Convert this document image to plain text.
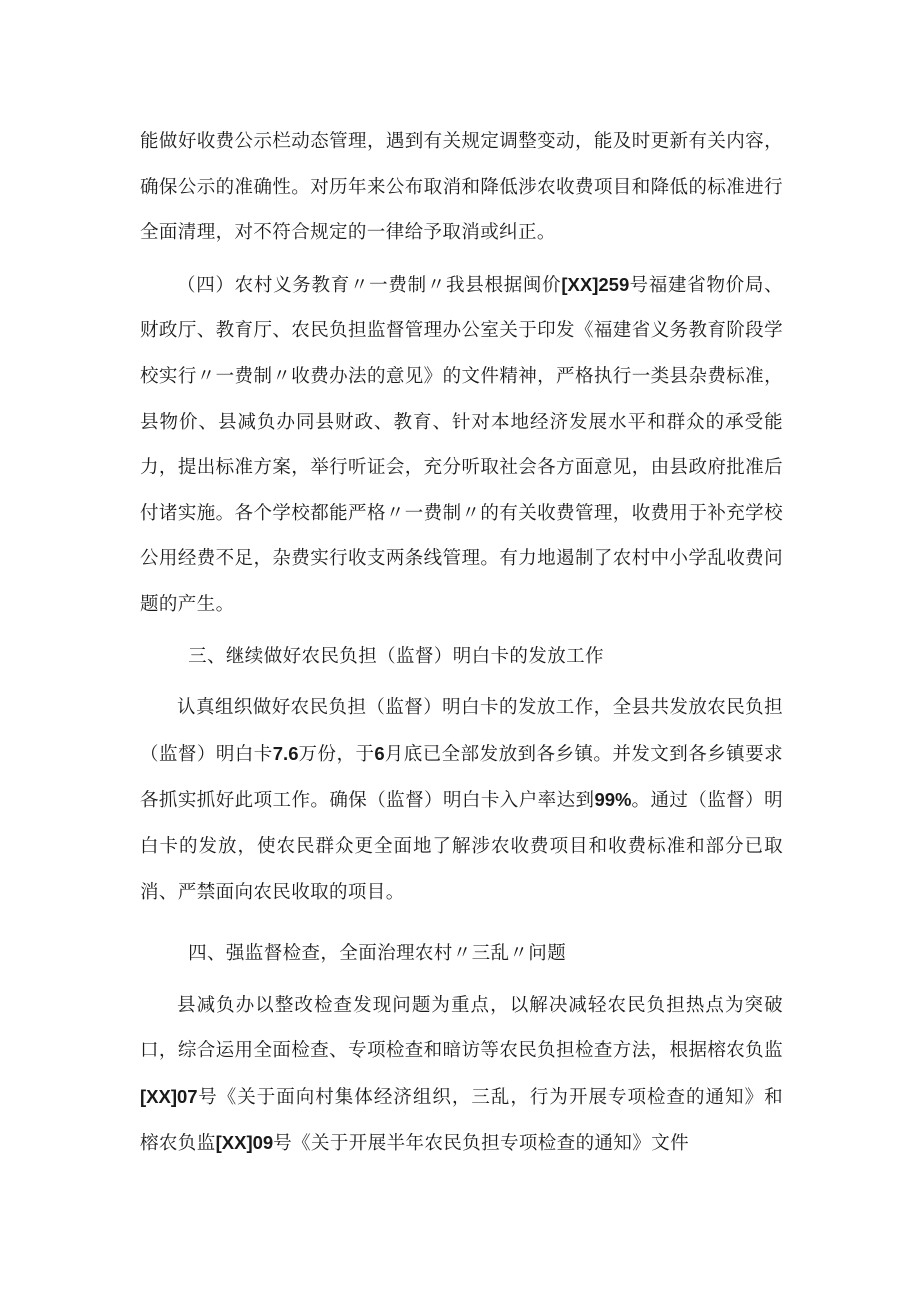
能做好收费公示栏动态管理，遇到有关规定调整变动，能及时更新有关内容，确保公示的准确性。对历年来公布取消和降低涉农收费项目和降低的标准进行全面清理，对不符合规定的一律给予取消或纠正。

（四）农村义务教育〃一费制〃我县根据闽价[XX]259号福建省物价局、财政厅、教育厅、农民负担监督管理办公室关于印发《福建省义务教育阶段学校实行〃一费制〃收费办法的意见》的文件精神，严格执行一类县杂费标准，县物价、县减负办同县财政、教育、针对本地经济发展水平和群众的承受能力，提出标准方案，举行听证会，充分听取社会各方面意见，由县政府批准后付诸实施。各个学校都能严格〃一费制〃的有关收费管理，收费用于补充学校公用经费不足，杂费实行收支两条线管理。有力地遏制了农村中小学乱收费问题的产生。

三、继续做好农民负担（监督）明白卡的发放工作

认真组织做好农民负担（监督）明白卡的发放工作，全县共发放农民负担（监督）明白卡7.6万份，于6月底已全部发放到各乡镇。并发文到各乡镇要求各抓实抓好此项工作。确保（监督）明白卡入户率达到99%。通过（监督）明白卡的发放，使农民群众更全面地了解涉农收费项目和收费标准和部分已取消、严禁面向农民收取的项目。

四、强监督检查，全面治理农村〃三乱〃问题

县减负办以整改检查发现问题为重点，以解决减轻农民负担热点为突破口，综合运用全面检查、专项检查和暗访等农民负担检查方法，根据榕农负监[XX]07号《关于面向村集体经济组织，三乱，行为开展专项检查的通知》和榕农负监[XX]09号《关于开展半年农民负担专项检查的通知》文件
